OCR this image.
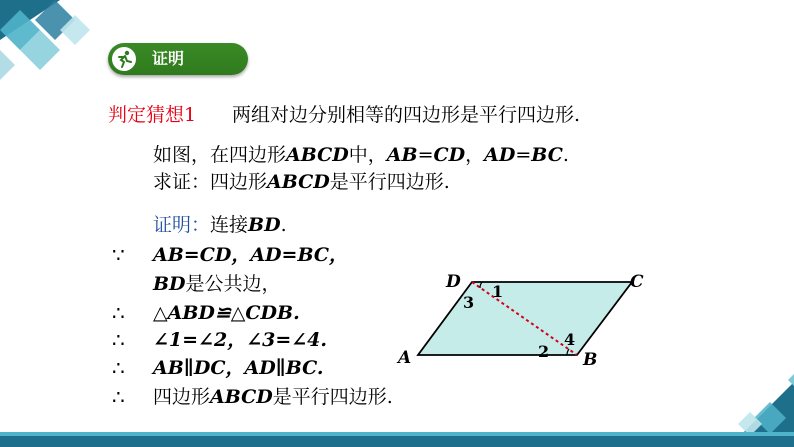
证明
判定猜想1 两组对边分别相等的四边形是平行四边形.
如图，在四边形ABCD中，AB=CD，AD=BC.
求证：四边形ABCD是平行四边形.
证明：连接BD.
∵ AB=CD，AD=BC，
BD是公共边，
∴ △ABD≌△CDB.
∴ ∠1=∠2，∠3=∠4.
∴ AB∥DC，AD∥BC.
∴ 四边形ABCD是平行四边形.
A	B
C
D 1
2
3
4
